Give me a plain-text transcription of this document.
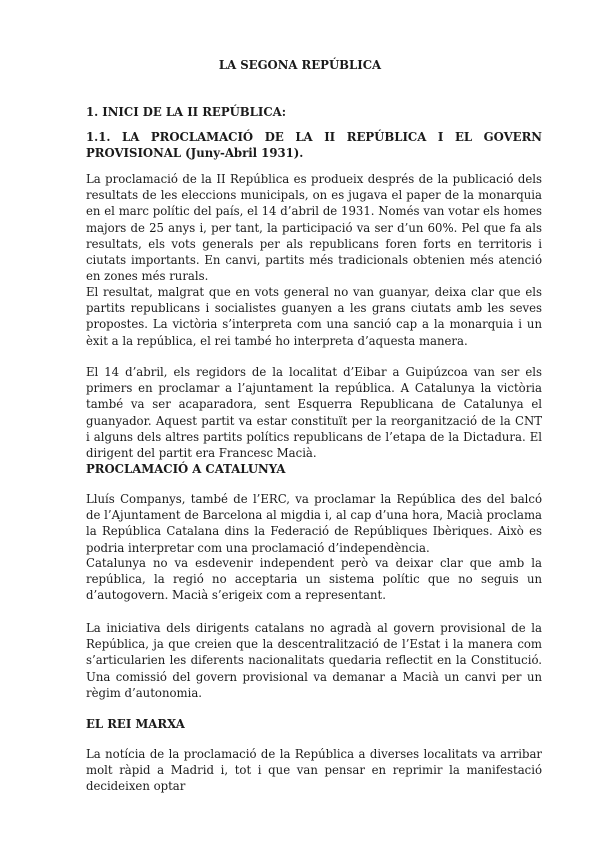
LA SEGONA REPÚBLICA

1. INICI DE LA II REPÚBLICA:

1.1. LA PROCLAMACIÓ DE LA II REPÚBLICA I EL GOVERN PROVISIONAL (Juny-Abril 1931).

La proclamació de la II República es produeix després de la publicació dels resultats de les eleccions municipals, on es jugava el paper de la monarquia en el marc polític del país, el 14 d’abril de 1931. Només van votar els homes majors de 25 anys i, per tant, la participació va ser d’un 60%. Pel que fa als resultats, els vots generals per als republicans foren forts en territoris i ciutats importants. En canvi, partits més tradicionals obtenien més atenció en zones més rurals.

El resultat, malgrat que en vots general no van guanyar, deixa clar que els partits republicans i socialistes guanyen a les grans ciutats amb les seves propostes. La victòria s’interpreta com una sanció cap a la monarquia i un èxit a la república, el rei també ho interpreta d’aquesta manera.

El 14 d’abril, els regidors de la localitat d’Eibar a Guipúzcoa van ser els primers en proclamar a l’ajuntament la república. A Catalunya la victòria també va ser acaparadora, sent Esquerra Republicana de Catalunya el guanyador. Aquest partit va estar constituït per la reorganització de la CNT i alguns dels altres partits polítics republicans de l’etapa de la Dictadura. El dirigent del partit era Francesc Macià.

PROCLAMACIÓ A CATALUNYA

Lluís Companys, també de l’ERC, va proclamar la República des del balcó de l’Ajuntament de Barcelona al migdia i, al cap d’una hora, Macià proclama la República Catalana dins la Federació de Repúbliques Ibèriques. Això es podria interpretar com una proclamació d’independència.

Catalunya no va esdevenir independent però va deixar clar que amb la república, la regió no acceptaria un sistema polític que no seguis un d’autogovern. Macià s’erigeix com a representant.

La iniciativa dels dirigents catalans no agradà al govern provisional de la República, ja que creien que la descentralització de l’Estat i la manera com s’articularien les diferents nacionalitats quedaria reflectit en la Constitució. Una comissió del govern provisional va demanar a Macià un canvi per un règim d’autonomia.

EL REI MARXA

La notícia de la proclamació de la República a diverses localitats va arribar molt ràpid a Madrid i, tot i que van pensar en reprimir la manifestació decideixen optar
